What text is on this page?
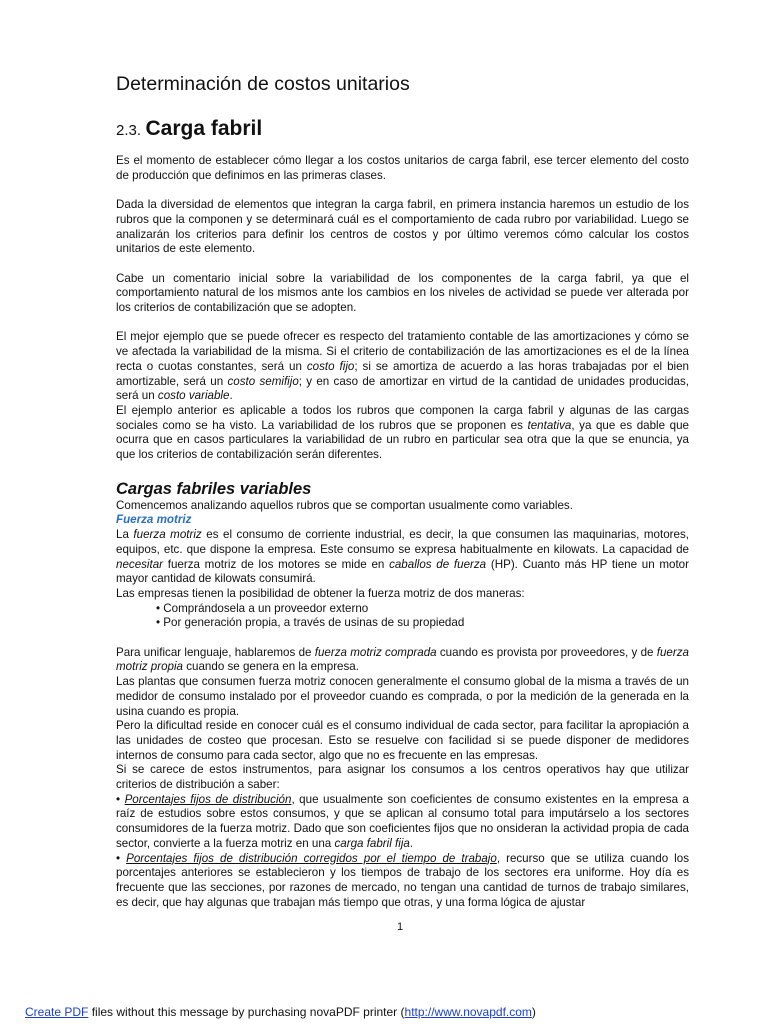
Determinación de costos unitarios
2.3. Carga fabril

Es el momento de establecer cómo llegar a los costos unitarios de carga fabril, ese tercer elemento del costo de producción que definimos en las primeras clases.

Dada la diversidad de elementos que integran la carga fabril, en primera instancia haremos un estudio de los rubros que la componen y se determinará cuál es el comportamiento de cada rubro por variabilidad. Luego se analizarán los criterios para definir los centros de costos y por último veremos cómo calcular los costos unitarios de este elemento.

Cabe un comentario inicial sobre la variabilidad de los componentes de la carga fabril, ya que el comportamiento natural de los mismos ante los cambios en los niveles de actividad se puede ver alterada por los criterios de contabilización que se adopten.

El mejor ejemplo que se puede ofrecer es respecto del tratamiento contable de las amortizaciones y cómo se ve afectada la variabilidad de la misma. Si el criterio de contabilización de las amortizaciones es el de la línea recta o cuotas constantes, será un costo fijo; si se amortiza de acuerdo a las horas trabajadas por el bien amortizable, será un costo semifijo; y en caso de amortizar en virtud de la cantidad de unidades producidas, será un costo variable.

El ejemplo anterior es aplicable a todos los rubros que componen la carga fabril y algunas de las cargas sociales como se ha visto. La variabilidad de los rubros que se proponen es tentativa, ya que es dable que ocurra que en casos particulares la variabilidad de un rubro en particular sea otra que la que se enuncia, ya que los criterios de contabilización serán diferentes.

Cargas fabriles variables

Comencemos analizando aquellos rubros que se comportan usualmente como variables.

Fuerza motriz

La fuerza motriz es el consumo de corriente industrial, es decir, la que consumen las maquinarias, motores, equipos, etc. que dispone la empresa. Este consumo se expresa habitualmente en kilowats. La capacidad de necesitar fuerza motriz de los motores se mide en caballos de fuerza (HP). Cuanto más HP tiene un motor mayor cantidad de kilowats consumirá.

Las empresas tienen la posibilidad de obtener la fuerza motriz de dos maneras:

• Comprándosela a un proveedor externo
• Por generación propia, a través de usinas de su propiedad

Para unificar lenguaje, hablaremos de fuerza motriz comprada cuando es provista por proveedores, y de fuerza motriz propia cuando se genera en la empresa.

Las plantas que consumen fuerza motriz conocen generalmente el consumo global de la misma a través de un medidor de consumo instalado por el proveedor cuando es comprada, o por la medición de la generada en la usina cuando es propia.

Pero la dificultad reside en conocer cuál es el consumo individual de cada sector, para facilitar la apropiación a las unidades de costeo que procesan. Esto se resuelve con facilidad si se puede disponer de medidores internos de consumo para cada sector, algo que no es frecuente en las empresas.

Si se carece de estos instrumentos, para asignar los consumos a los centros operativos hay que utilizar criterios de distribución a saber:

• Porcentajes fijos de distribución, que usualmente son coeficientes de consumo existentes en la empresa a raíz de estudios sobre estos consumos, y que se aplican al consumo total para imputárselo a los sectores consumidores de la fuerza motriz. Dado que son coeficientes fijos que no onsideran la actividad propia de cada sector, convierte a la fuerza motriz en una carga fabril fija.

• Porcentajes fijos de distribución corregidos por el tiempo de trabajo, recurso que se utiliza cuando los porcentajes anteriores se establecieron y los tiempos de trabajo de los sectores era uniforme. Hoy día es frecuente que las secciones, por razones de mercado, no tengan una cantidad de turnos de trabajo similares, es decir, que hay algunas que trabajan más tiempo que otras, y una forma lógica de ajustar

1
Create PDF files without this message by purchasing novaPDF printer (http://www.novapdf.com)
